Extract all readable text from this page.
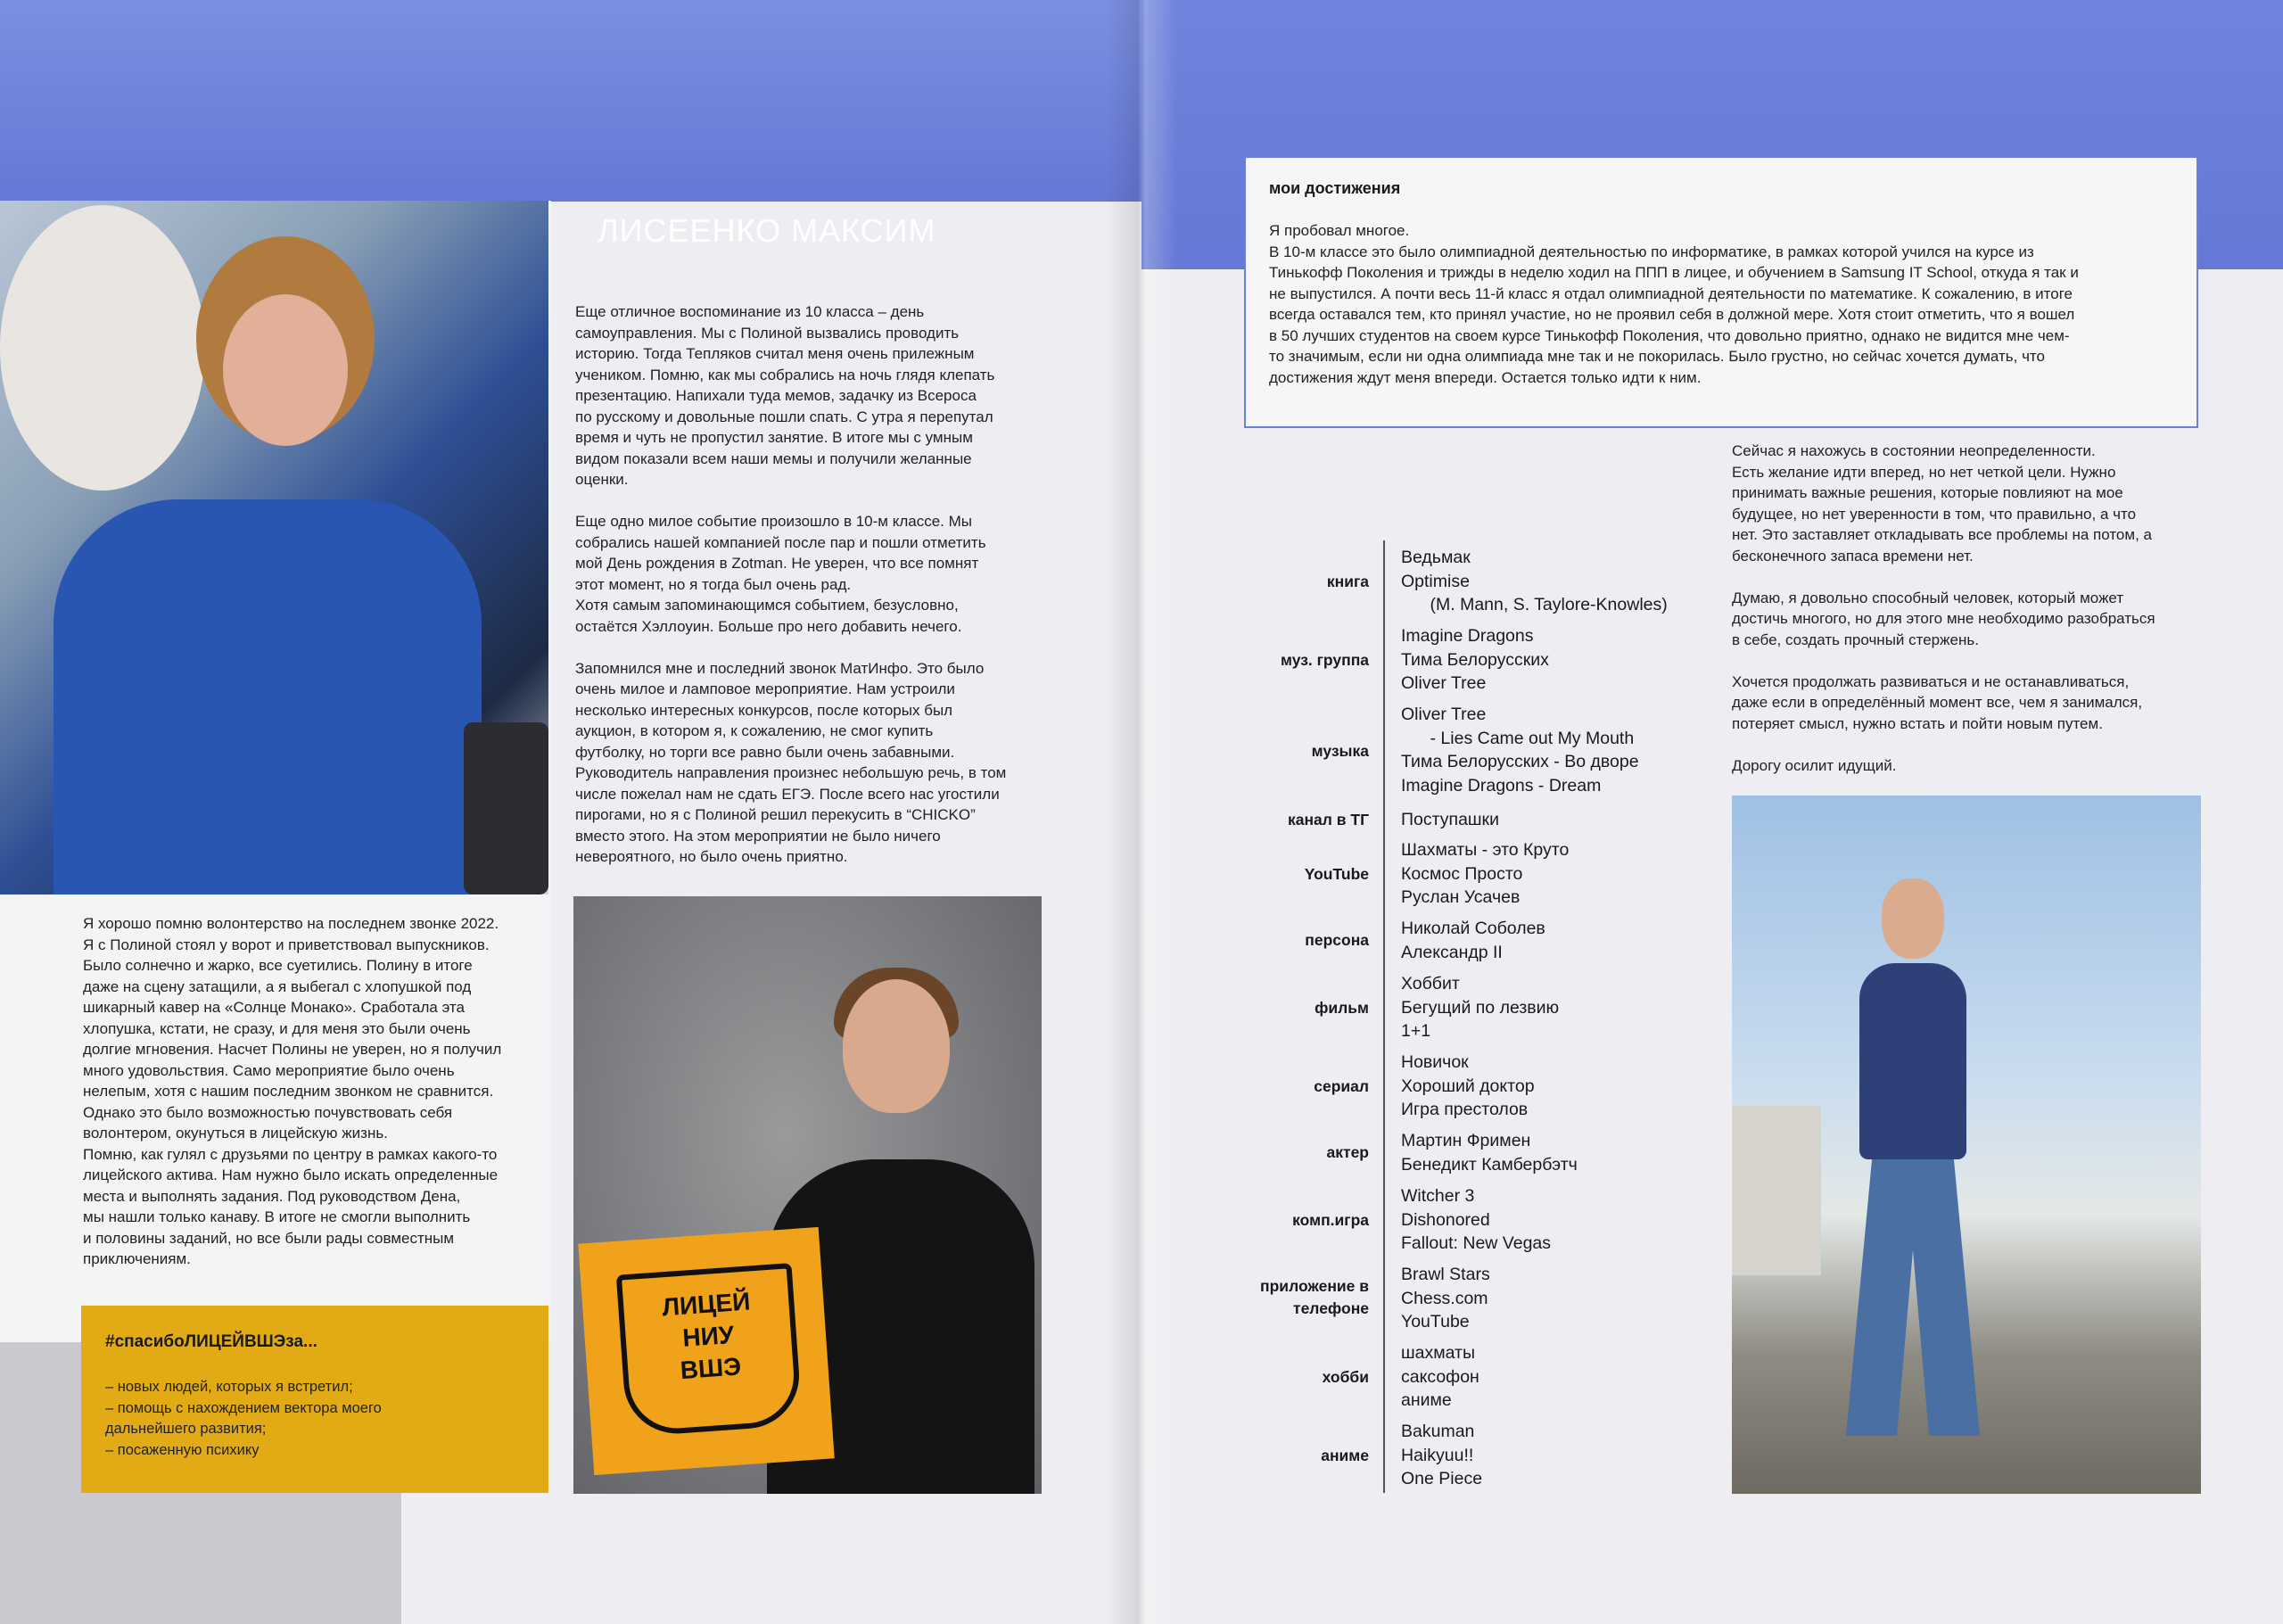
ЛИСЕЕНКО МАКСИМ
Еще отличное воспоминание из 10 класса – день
самоуправления. Мы с Полиной вызвались проводить
историю. Тогда Тепляков считал меня очень прилежным
учеником. Помню, как мы собрались на ночь глядя клепать
презентацию. Напихали туда мемов, задачку из Всероса
по русскому и довольные пошли спать. С утра я перепутал
время и чуть не пропустил занятие. В итоге мы с умным
видом показали всем наши мемы и получили желанные
оценки.

Еще одно милое событие произошло в 10-м классе. Мы
собрались нашей компанией после пар и пошли отметить
мой День рождения в Zotman. Не уверен, что все помнят
этот момент, но я тогда был очень рад.
Хотя самым запоминающимся событием, безусловно,
остаётся Хэллоуин. Больше про него добавить нечего.

Запомнился мне и последний звонок МатИнфо. Это было
очень милое и ламповое мероприятие. Нам устроили
несколько интересных конкурсов, после которых был
аукцион, в котором я, к сожалению, не смог купить
футболку, но торги все равно были очень забавными.
Руководитель направления произнес небольшую речь, в том
числе пожелал нам не сдать ЕГЭ. После всего нас угостили
пирогами, но я с Полиной решил перекусить в “CHICKO”
вместо этого. На этом мероприятии не было ничего
невероятного, но было очень приятно.
Я хорошо помню волонтерство на последнем звонке 2022.
Я с Полиной стоял у ворот и приветствовал выпускников.
Было солнечно и жарко, все суетились. Полину в итоге
даже на сцену затащили, а я выбегал с хлопушкой под
шикарный кавер на «Солнце Монако». Сработала эта
хлопушка, кстати, не сразу, и для меня это были очень
долгие мгновения. Насчет Полины не уверен, но я получил
много удовольствия. Само мероприятие было очень
нелепым, хотя с нашим последним звонком не сравнится.
Однако это было возможностью почувствовать себя
волонтером, окунуться в лицейскую жизнь.
Помню, как гулял с друзьями по центру в рамках какого-то
лицейского актива. Нам нужно было искать определенные
места и выполнять задания. Под руководством Дена,
мы нашли только канаву. В итоге не смогли выполнить
и половины заданий, но все были рады совместным
приключениям.
#спасибоЛИЦЕЙВШЭза...
– новых людей, которых я встретил;
– помощь с нахождением вектора моего
дальнейшего развития;
– посаженную психику
ЛИЦЕЙ
НИУ
ВШЭ
мои достижения
Я пробовал многое.
В 10-м классе это было олимпиадной деятельностью по информатике, в рамках которой учился на курсе из
Тинькофф Поколения и трижды в неделю ходил на ППП в лицее, и обучением в Samsung IT School, откуда я так и
не выпустился. А почти весь 11-й класс я отдал олимпиадной деятельности по математике. К сожалению, в итоге
всегда оставался тем, кто принял участие, но не проявил себя в должной мере. Хотя стоит отметить, что я вошел
в 50 лучших студентов на своем курсе Тинькофф Поколения, что довольно приятно, однако не видится мне чем-
то значимым, если ни одна олимпиада мне так и не покорилась. Было грустно, но сейчас хочется думать, что
достижения ждут меня впереди. Остается только идти к ним.
Сейчас я нахожусь в состоянии неопределенности.
Есть желание идти вперед, но нет четкой цели. Нужно
принимать важные решения, которые повлияют на мое
будущее, но нет уверенности в том, что правильно, а что
нет. Это заставляет откладывать все проблемы на потом, а
бесконечного запаса времени нет.

Думаю, я довольно способный человек, который может
достичь многого, но для этого мне необходимо разобраться
в себе, создать прочный стержень.

Хочется продолжать развиваться и не останавливаться,
даже если в определённый момент все, чем я занимался,
потеряет смысл, нужно встать и пойти новым путем.

Дорогу осилит идущий.
книга
Ведьмак
Optimise
(M. Mann, S. Taylore-Knowles)
муз. группа
Imagine Dragons
Тима Белорусских
Oliver Tree
музыка
Oliver Tree
- Lies Came out My Mouth
Тима Белорусских - Во дворе
Imagine Dragons - Dream
канал в ТГ Поступашки
YouTube
Шахматы - это Круто
Космос Просто
Руслан Усачев
персона
Николай Соболев
Александр II
фильм
Хоббит
Бегущий по лезвию
1+1
сериал
Новичок
Хороший доктор
Игра престолов
актер
Мартин Фримен
Бенедикт Камбербэтч
комп.игра
Witcher 3
Dishonored
Fallout: New Vegas
приложение в
телефоне
Brawl Stars
Chess.com
YouTube
хобби
шахматы
саксофон
аниме
аниме
Bakuman
Haikyuu!!
One Piece
